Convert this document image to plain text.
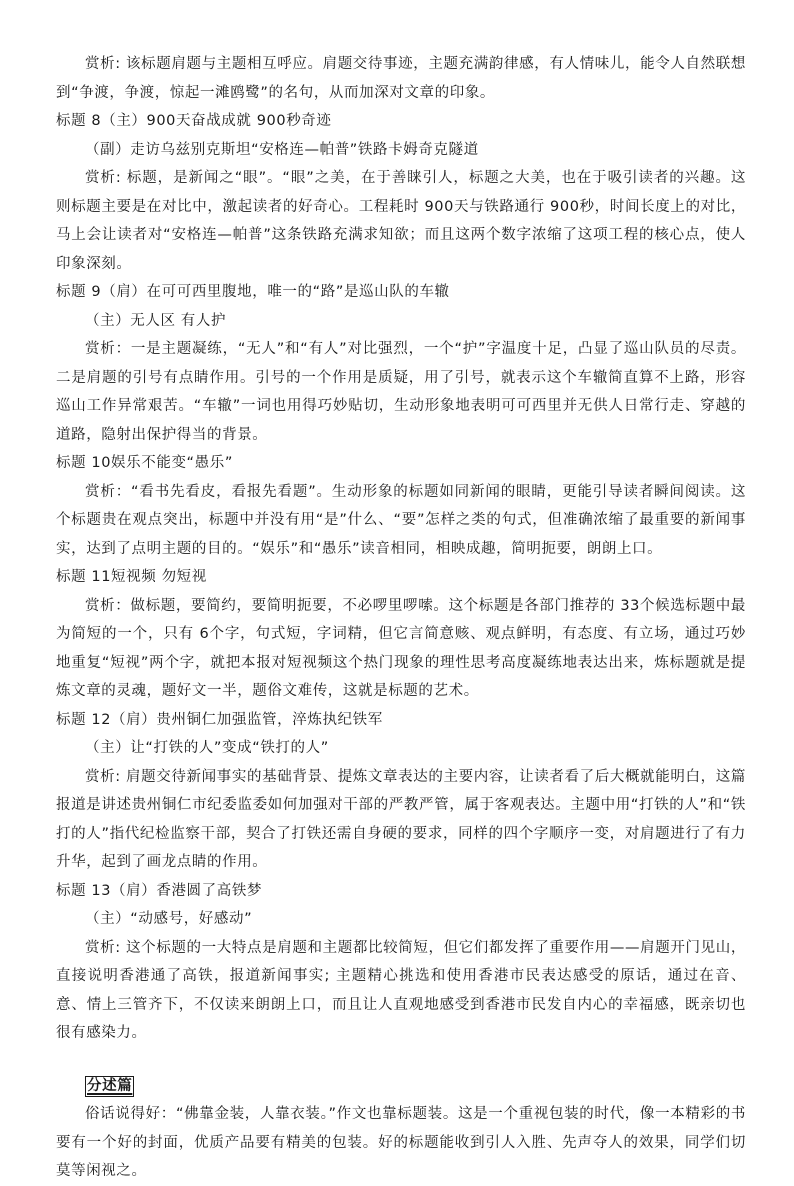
赏析: 该标题肩题与主题相互呼应。肩题交待事迹，主题充满韵律感，有人情味儿，能令人自然联想到“争渡，争渡，惊起一滩鸥鹭”的名句，从而加深对文章的印象。

标题 8（主）900天奋战成就 900秒奇迹

（副）走访乌兹别克斯坦“安格连—帕普”铁路卡姆奇克隧道

赏析: 标题，是新闻之“眼”。“眼”之美，在于善睐引人，标题之大美，也在于吸引读者的兴趣。这则标题主要是在对比中，激起读者的好奇心。工程耗时 900天与铁路通行 900秒，时间长度上的对比，马上会让读者对“安格连—帕普”这条铁路充满求知欲；而且这两个数字浓缩了这项工程的核心点，使人印象深刻。

标题 9（肩）在可可西里腹地，唯一的“路”是巡山队的车辙

（主）无人区 有人护

赏析：一是主题凝练，“无人”和“有人”对比强烈，一个“护”字温度十足，凸显了巡山队员的尽责。二是肩题的引号有点睛作用。引号的一个作用是质疑，用了引号，就表示这个车辙简直算不上路，形容巡山工作异常艰苦。“车辙”一词也用得巧妙贴切，生动形象地表明可可西里并无供人日常行走、穿越的道路，隐射出保护得当的背景。

标题 10娱乐不能变“愚乐”

赏析：“看书先看皮，看报先看题”。生动形象的标题如同新闻的眼睛，更能引导读者瞬间阅读。这个标题贵在观点突出，标题中并没有用“是”什么、“要”怎样之类的句式，但准确浓缩了最重要的新闻事实，达到了点明主题的目的。“娱乐”和“愚乐”读音相同，相映成趣，简明扼要，朗朗上口。

标题 11短视频 勿短视

赏析：做标题，要简约，要简明扼要，不必啰里啰嗦。这个标题是各部门推荐的 33个候选标题中最为简短的一个，只有 6个字，句式短，字词精，但它言简意赅、观点鲜明，有态度、有立场，通过巧妙地重复“短视”两个字，就把本报对短视频这个热门现象的理性思考高度凝练地表达出来，炼标题就是提炼文章的灵魂，题好文一半，题俗文难传，这就是标题的艺术。

标题 12（肩）贵州铜仁加强监管，淬炼执纪铁军

（主）让“打铁的人”变成“铁打的人”

赏析: 肩题交待新闻事实的基础背景、提炼文章表达的主要内容，让读者看了后大概就能明白，这篇报道是讲述贵州铜仁市纪委监委如何加强对干部的严教严管，属于客观表达。主题中用“打铁的人”和“铁打的人”指代纪检监察干部，契合了打铁还需自身硬的要求，同样的四个字顺序一变，对肩题进行了有力升华，起到了画龙点睛的作用。

标题 13（肩）香港圆了高铁梦

（主）“动感号，好感动”

赏析: 这个标题的一大特点是肩题和主题都比较简短，但它们都发挥了重要作用——肩题开门见山，直接说明香港通了高铁，报道新闻事实; 主题精心挑选和使用香港市民表达感受的原话，通过在音、意、情上三管齐下，不仅读来朗朗上口，而且让人直观地感受到香港市民发自内心的幸福感，既亲切也很有感染力。

分述篇

俗话说得好：“佛靠金装，人靠衣装。”作文也靠标题装。这是一个重视包装的时代，像一本精彩的书要有一个好的封面，优质产品要有精美的包装。好的标题能收到引人入胜、先声夺人的效果，同学们切莫等闲视之。
